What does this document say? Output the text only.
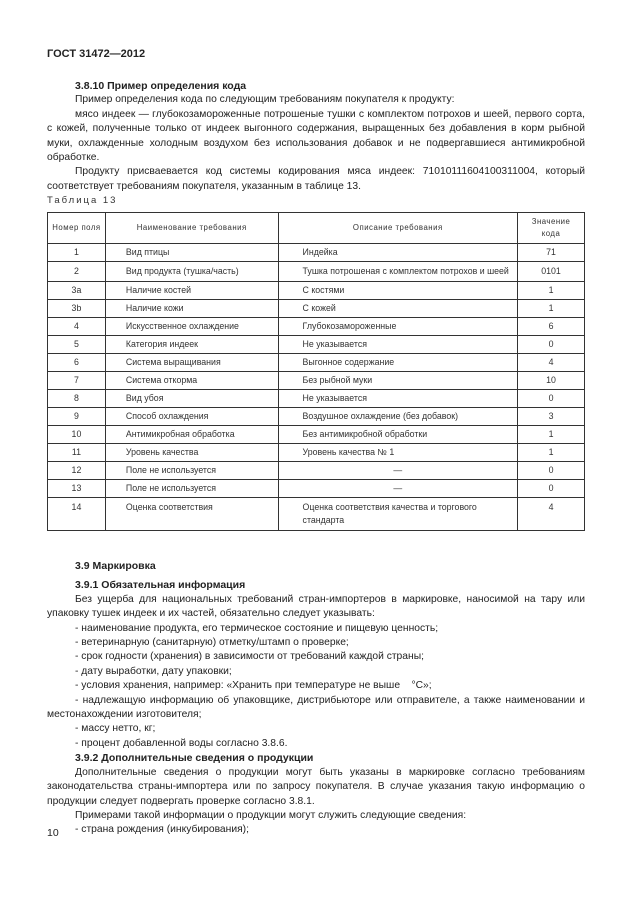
ГОСТ 31472—2012
3.8.10 Пример определения кода

Пример определения кода по следующим требованиям покупателя к продукту:

мясо индеек — глубокозамороженные потрошеные тушки с комплектом потрохов и шеей, первого сорта, с кожей, полученные только от индеек выгонного содержания, выращенных без добавления в корм рыбной муки, охлажденные холодным воздухом без использования добавок и не подвергавшиеся антимикробной обработке.

Продукту присваевается код системы кодирования мяса индеек: 71010111604100311004, который соответствует требованиям покупателя, указанным в таблице 13.

Таблица 13
Номер поля	Наименование требования	Описание требования	Значение кода
1	Вид птицы	Индейка	71
2	Вид продукта (тушка/часть)	Тушка потрошеная с комплектом потрохов и шеей	0101
3a	Наличие костей	С костями	1
3b	Наличие кожи	С кожей	1
4	Искусственное охлаждение	Глубокозамороженные	6
5	Категория индеек	Не указывается	0
6	Система выращивания	Выгонное содержание	4
7	Система откорма	Без рыбной муки	10
8	Вид убоя	Не указывается	0
9	Способ охлаждения	Воздушное охлаждение (без добавок)	3
10	Антимикробная обработка	Без антимикробной обработки	1
11	Уровень качества	Уровень качества № 1	1
12	Поле не используется	—	0
13	Поле не используется	—	0
14	Оценка соответствия	Оценка соответствия качества и торгового стандарта	4
3.9 Маркировка
3.9.1 Обязательная информация

Без ущерба для национальных требований стран-импортеров в маркировке, наносимой на тару или упаковку тушек индеек и их частей, обязательно следует указывать:

- наименование продукта, его термическое состояние и пищевую ценность;

- ветеринарную (санитарную) отметку/штамп о проверке;

- срок годности (хранения) в зависимости от требований каждой страны;

- дату выработки, дату упаковки;

- условия хранения, например: «Хранить при температуре не выше    °С»;

- надлежащую информацию об упаковщике, дистрибьюторе или отправителе, а также наименовании и местонахождении изготовителя;

- массу нетто, кг;

- процент добавленной воды согласно 3.8.6.

3.9.2 Дополнительные сведения о продукции

Дополнительные сведения о продукции могут быть указаны в маркировке согласно требованиям законодательства страны-импортера или по запросу покупателя. В случае указания такую информацию о продукции следует подвергать проверке согласно 3.8.1.

Примерами такой информации о продукции могут служить следующие сведения:

- страна рождения (инкубирования);

10
